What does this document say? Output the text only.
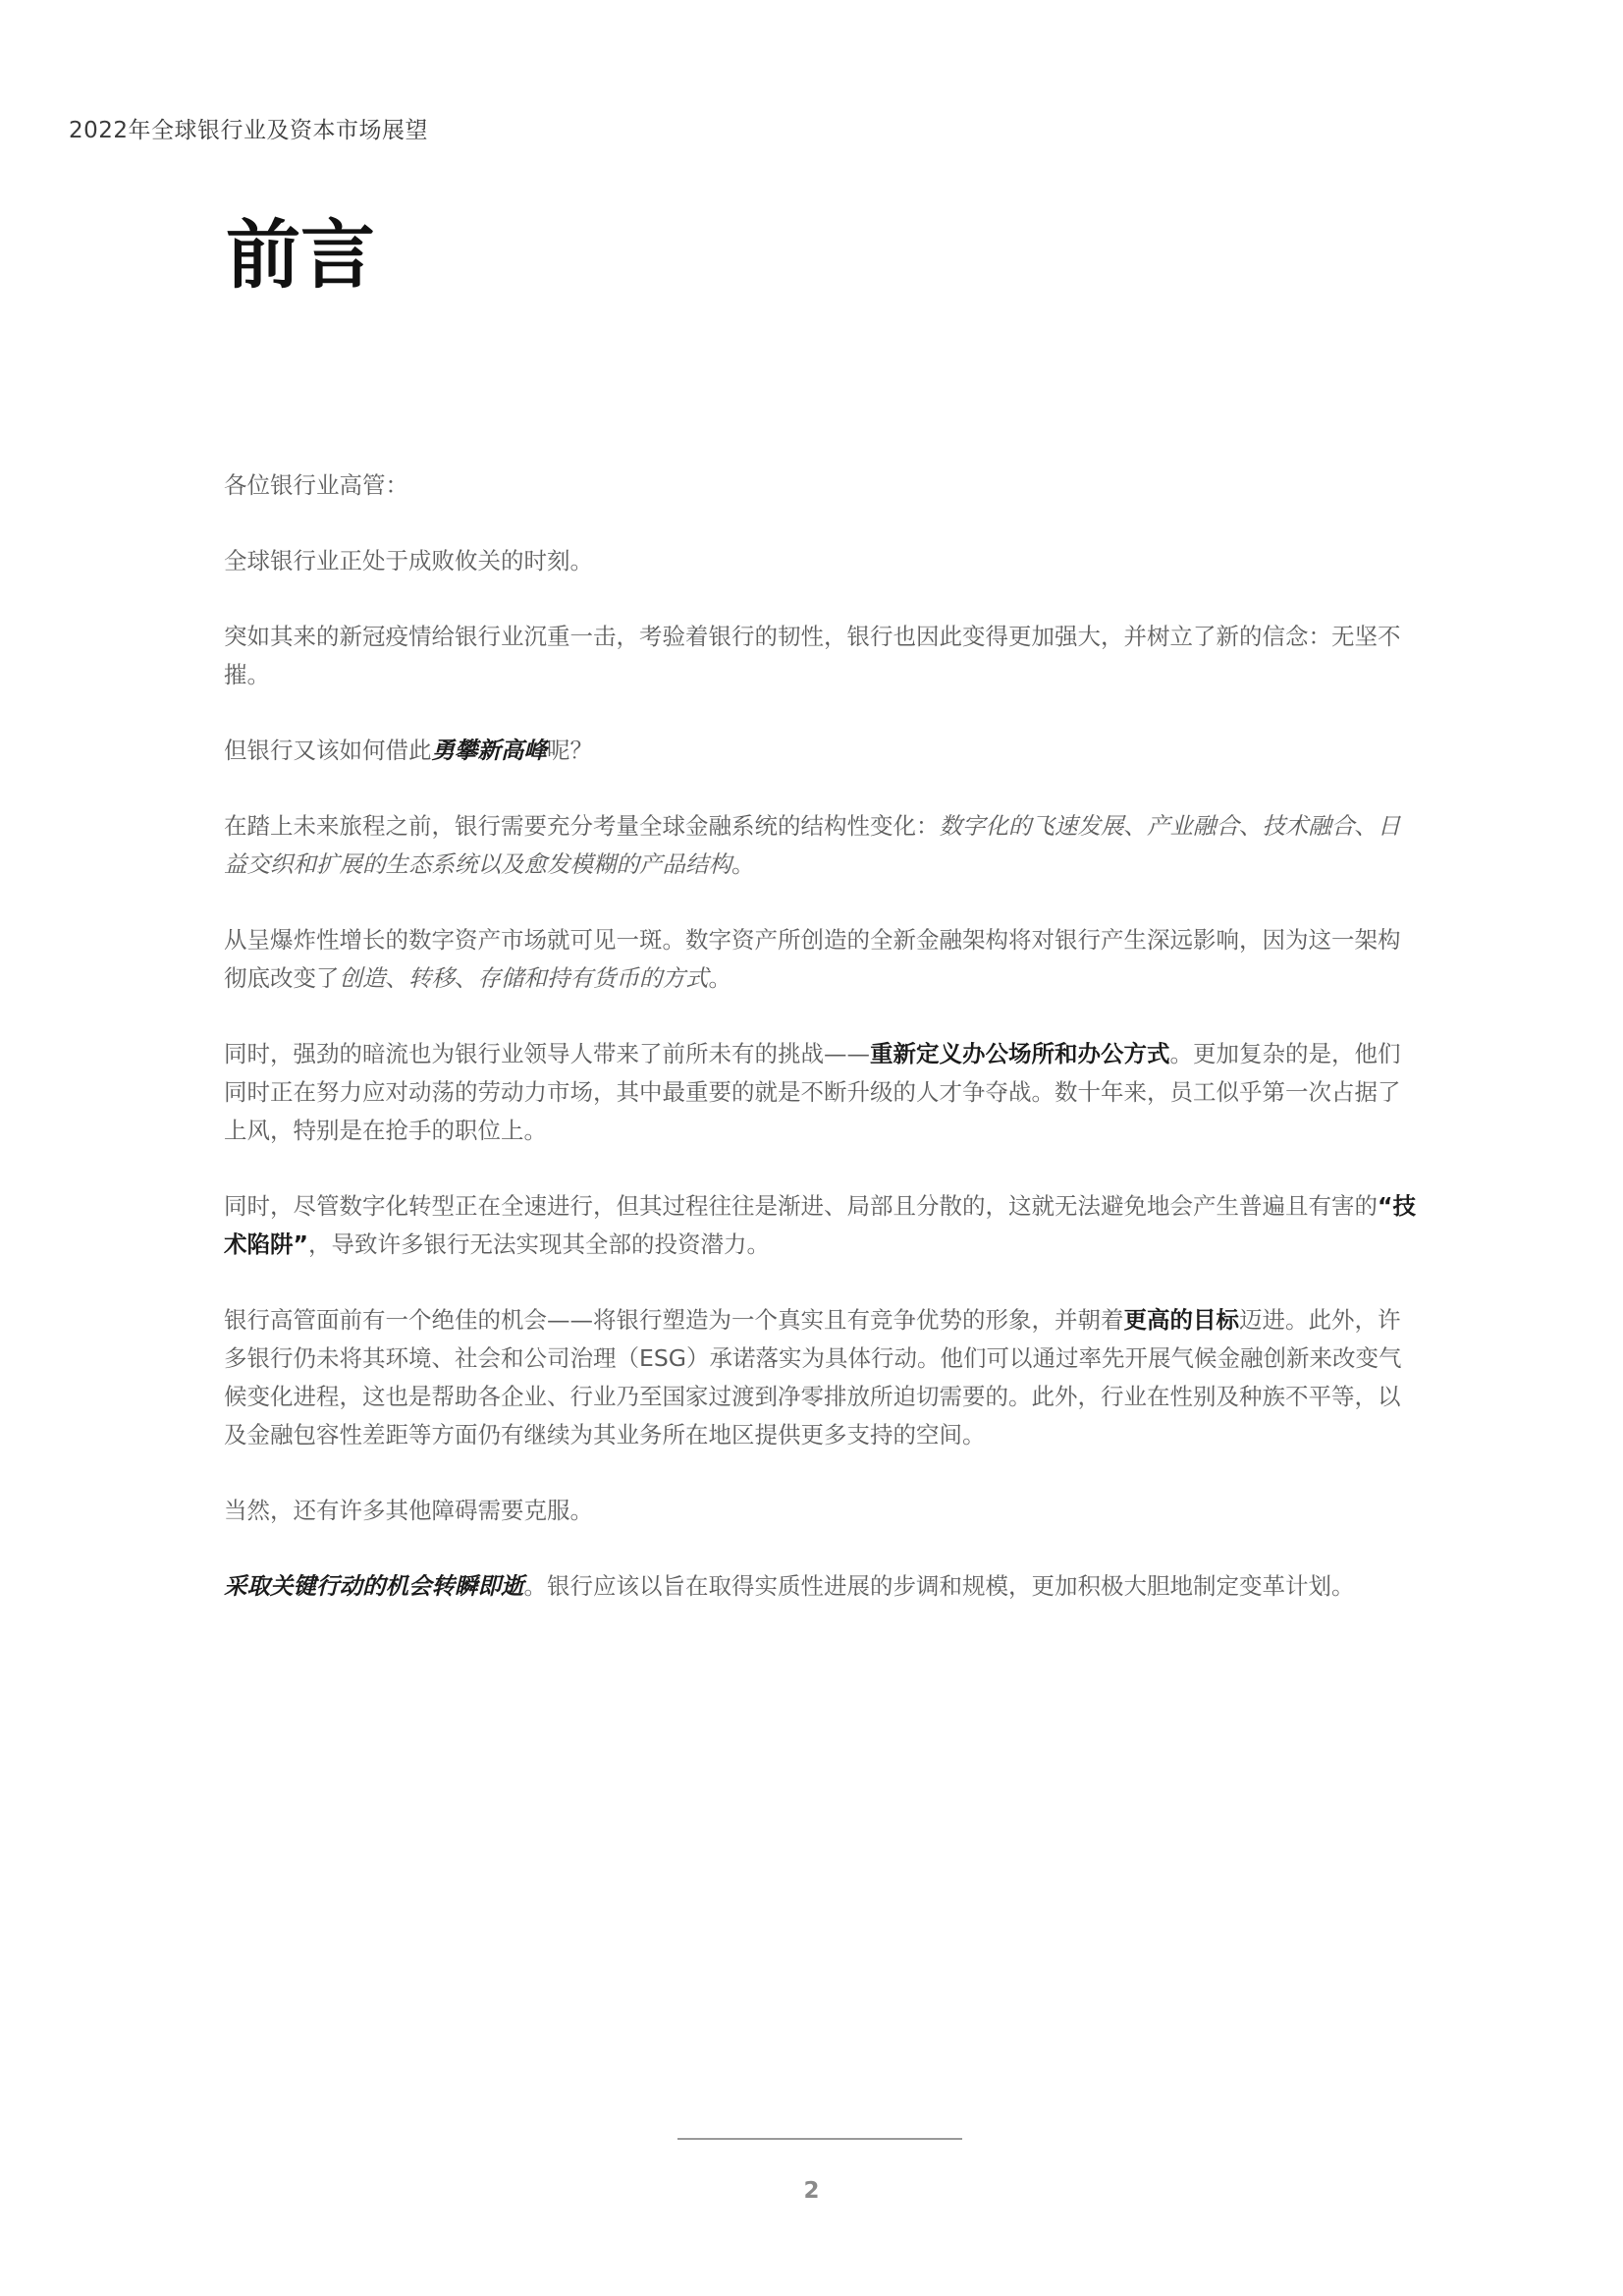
2022年全球银行业及资本市场展望
前言

各位银行业高管：

全球银行业正处于成败攸关的时刻。

突如其来的新冠疫情给银行业沉重一击，考验着银行的韧性，银行也因此变得更加强大，并树立了新的信念：无坚不摧。

但银行又该如何借此勇攀新高峰呢？

在踏上未来旅程之前，银行需要充分考量全球金融系统的结构性变化：数字化的飞速发展、产业融合、技术融合、日益交织和扩展的生态系统以及愈发模糊的产品结构。

从呈爆炸性增长的数字资产市场就可见一斑。数字资产所创造的全新金融架构将对银行产生深远影响，因为这一架构彻底改变了创造、转移、存储和持有货币的方式。

同时，强劲的暗流也为银行业领导人带来了前所未有的挑战——重新定义办公场所和办公方式。更加复杂的是，他们同时正在努力应对动荡的劳动力市场，其中最重要的就是不断升级的人才争夺战。数十年来，员工似乎第一次占据了上风，特别是在抢手的职位上。

同时，尽管数字化转型正在全速进行，但其过程往往是渐进、局部且分散的，这就无法避免地会产生普遍且有害的“技术陷阱”，导致许多银行无法实现其全部的投资潜力。

银行高管面前有一个绝佳的机会——将银行塑造为一个真实且有竞争优势的形象，并朝着更高的目标迈进。此外，许多银行仍未将其环境、社会和公司治理（ESG）承诺落实为具体行动。他们可以通过率先开展气候金融创新来改变气候变化进程，这也是帮助各企业、行业乃至国家过渡到净零排放所迫切需要的。此外，行业在性别及种族不平等，以及金融包容性差距等方面仍有继续为其业务所在地区提供更多支持的空间。

当然，还有许多其他障碍需要克服。

采取关键行动的机会转瞬即逝。银行应该以旨在取得实质性进展的步调和规模，更加积极大胆地制定变革计划。

2
